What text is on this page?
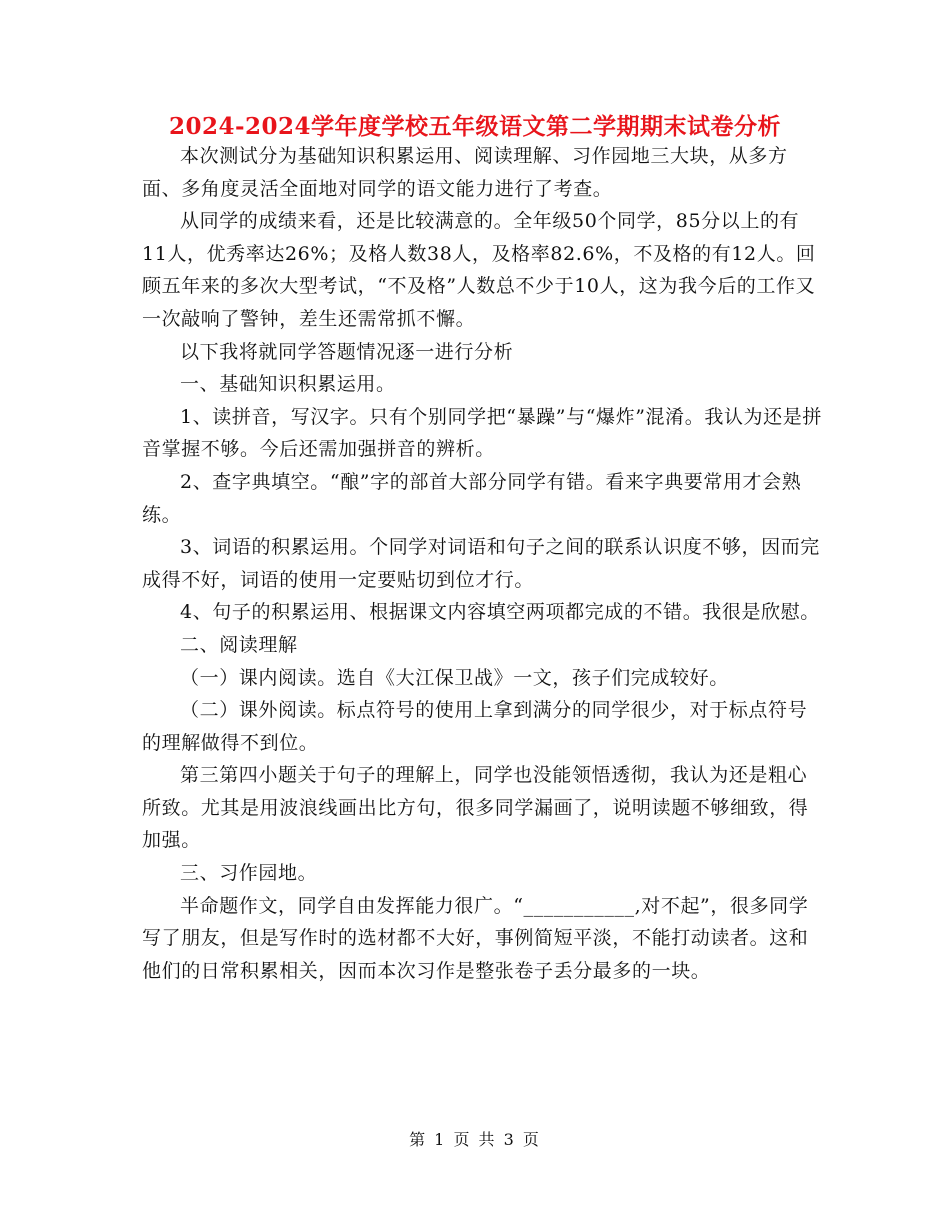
2024-2024学年度学校五年级语文第二学期期末试卷分析

本次测试分为基础知识积累运用、阅读理解、习作园地三大块，从多方面、多角度灵活全面地对同学的语文能力进行了考查。

从同学的成绩来看，还是比较满意的。全年级50个同学，85分以上的有11人，优秀率达26%；及格人数38人，及格率82.6%，不及格的有12人。回顾五年来的多次大型考试，“不及格”人数总不少于10人，这为我今后的工作又一次敲响了警钟，差生还需常抓不懈。

以下我将就同学答题情况逐一进行分析

一、基础知识积累运用。

1、读拼音，写汉字。只有个别同学把“暴躁”与“爆炸”混淆。我认为还是拼音掌握不够。今后还需加强拼音的辨析。

2、查字典填空。“酿”字的部首大部分同学有错。看来字典要常用才会熟练。

3、词语的积累运用。个同学对词语和句子之间的联系认识度不够，因而完成得不好，词语的使用一定要贴切到位才行。

4、句子的积累运用、根据课文内容填空两项都完成的不错。我很是欣慰。

二、阅读理解

（一）课内阅读。选自《大江保卫战》一文，孩子们完成较好。

（二）课外阅读。标点符号的使用上拿到满分的同学很少，对于标点符号的理解做得不到位。

第三第四小题关于句子的理解上，同学也没能领悟透彻，我认为还是粗心所致。尤其是用波浪线画出比方句，很多同学漏画了，说明读题不够细致，得加强。

三、习作园地。

半命题作文，同学自由发挥能力很广。“___________,对不起”，很多同学写了朋友，但是写作时的选材都不大好，事例简短平淡，不能打动读者。这和他们的日常积累相关，因而本次习作是整张卷子丢分最多的一块。

第 1 页 共 3 页
